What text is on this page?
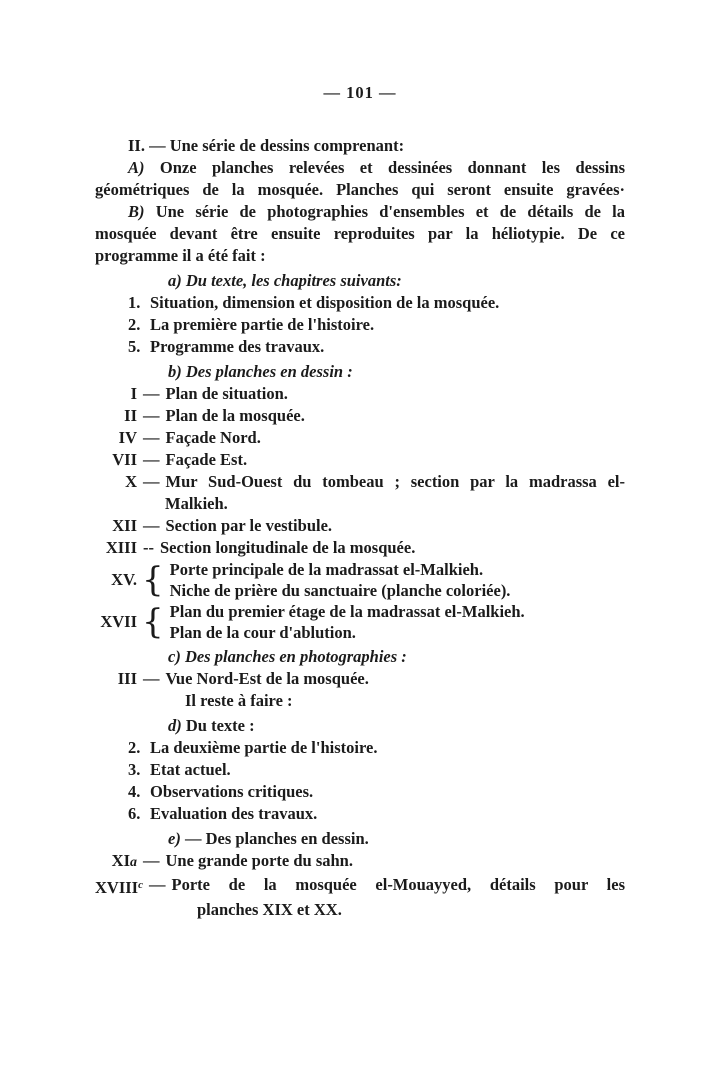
— 101 —
II. — Une série de dessins comprenant:
A) Onze planches relevées et dessinées donnant les dessins
géométriques de la mosquée. Planches qui seront ensuite gravées·
B) Une série de photographies d'ensembles et de détails de la
mosquée devant être ensuite reproduites par la héliotypie. De ce
programme il a été fait :
a) Du texte, les chapitres suivants:
1. Situation, dimension et disposition de la mosquée.
2. La première partie de l'histoire.
5. Programme des travaux.
b) Des planches en dessin :
I — Plan de situation.
II — Plan de la mosquée.
IV — Façade Nord.
VII — Façade Est.
X — Mur Sud-Ouest du tombeau ; section par la madrassa el-
Malkieh.
XII — Section par le vestibule.
XIII -- Section longitudinale de la mosquée.
XV. { Porte principale de la madrassat el-Malkieh.
Niche de prière du sanctuaire (planche coloriée).
XVII { Plan du premier étage de la madrassat el-Malkieh.
Plan de la cour d'ablution.
c) Des planches en photographies :
III — Vue Nord-Est de la mosquée.
Il reste à faire :
d) Du texte :
2. La deuxième partie de l'histoire.
3. Etat actuel.
4. Observations critiques.
6. Evaluation des travaux.
e) — Des planches en dessin.
XIa — Une grande porte du sahn.
XVIII$^c$ — Porte de la mosquée el-Mouayyed, détails pour les
planches XIX et XX.
